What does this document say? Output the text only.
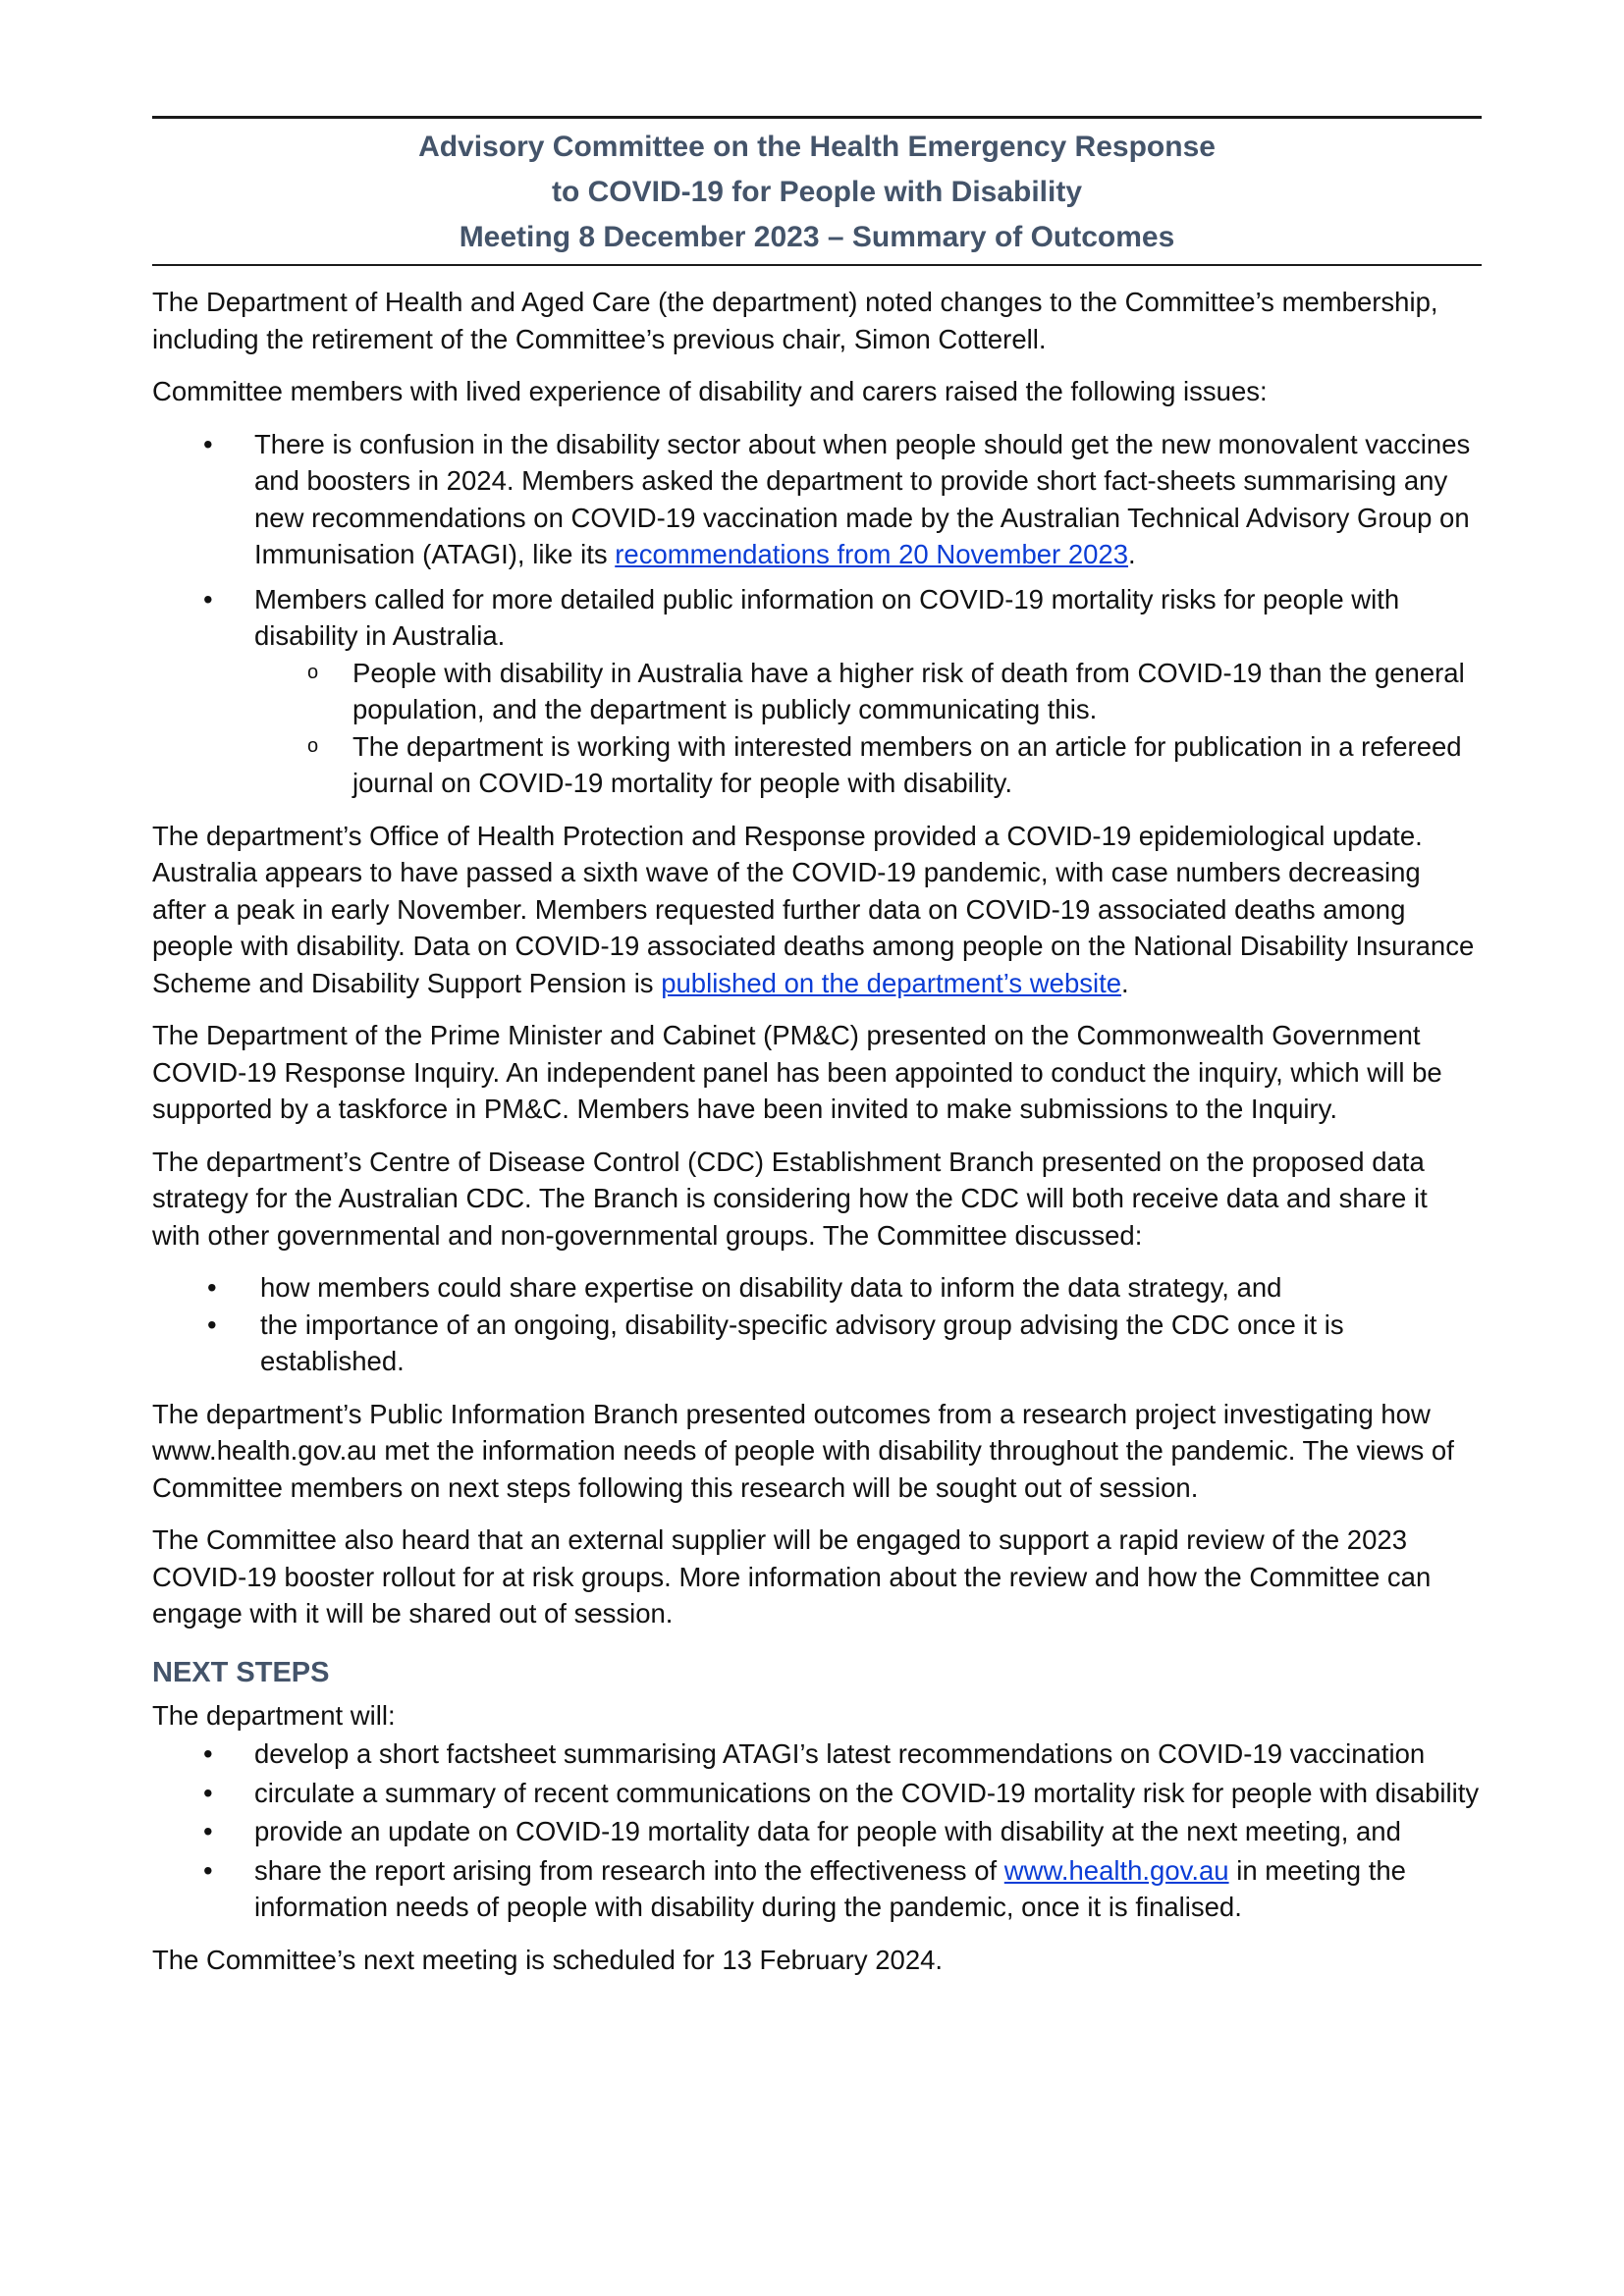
Advisory Committee on the Health Emergency Response
to COVID-19 for People with Disability
Meeting 8 December 2023 – Summary of Outcomes

The Department of Health and Aged Care (the department) noted changes to the Committee’s membership, including the retirement of the Committee’s previous chair, Simon Cotterell.

Committee members with lived experience of disability and carers raised the following issues:

• There is confusion in the disability sector about when people should get the new monovalent vaccines and boosters in 2024. Members asked the department to provide short fact-sheets summarising any new recommendations on COVID-19 vaccination made by the Australian Technical Advisory Group on Immunisation (ATAGI), like its recommendations from 20 November 2023.
• Members called for more detailed public information on COVID-19 mortality risks for people with disability in Australia.
o People with disability in Australia have a higher risk of death from COVID-19 than the general population, and the department is publicly communicating this.
o The department is working with interested members on an article for publication in a refereed journal on COVID-19 mortality for people with disability.

The department’s Office of Health Protection and Response provided a COVID-19 epidemiological update. Australia appears to have passed a sixth wave of the COVID-19 pandemic, with case numbers decreasing after a peak in early November. Members requested further data on COVID-19 associated deaths among people with disability. Data on COVID-19 associated deaths among people on the National Disability Insurance Scheme and Disability Support Pension is published on the department’s website.

The Department of the Prime Minister and Cabinet (PM&C) presented on the Commonwealth Government COVID-19 Response Inquiry. An independent panel has been appointed to conduct the inquiry, which will be supported by a taskforce in PM&C. Members have been invited to make submissions to the Inquiry.

The department’s Centre of Disease Control (CDC) Establishment Branch presented on the proposed data strategy for the Australian CDC. The Branch is considering how the CDC will both receive data and share it with other governmental and non-governmental groups. The Committee discussed:

• how members could share expertise on disability data to inform the data strategy, and
• the importance of an ongoing, disability-specific advisory group advising the CDC once it is established.

The department’s Public Information Branch presented outcomes from a research project investigating how www.health.gov.au met the information needs of people with disability throughout the pandemic. The views of Committee members on next steps following this research will be sought out of session.

The Committee also heard that an external supplier will be engaged to support a rapid review of the 2023 COVID-19 booster rollout for at risk groups. More information about the review and how the Committee can engage with it will be shared out of session.

NEXT STEPS

The department will:

• develop a short factsheet summarising ATAGI’s latest recommendations on COVID-19 vaccination
• circulate a summary of recent communications on the COVID-19 mortality risk for people with disability
• provide an update on COVID-19 mortality data for people with disability at the next meeting, and
• share the report arising from research into the effectiveness of www.health.gov.au in meeting the information needs of people with disability during the pandemic, once it is finalised.

The Committee’s next meeting is scheduled for 13 February 2024.
